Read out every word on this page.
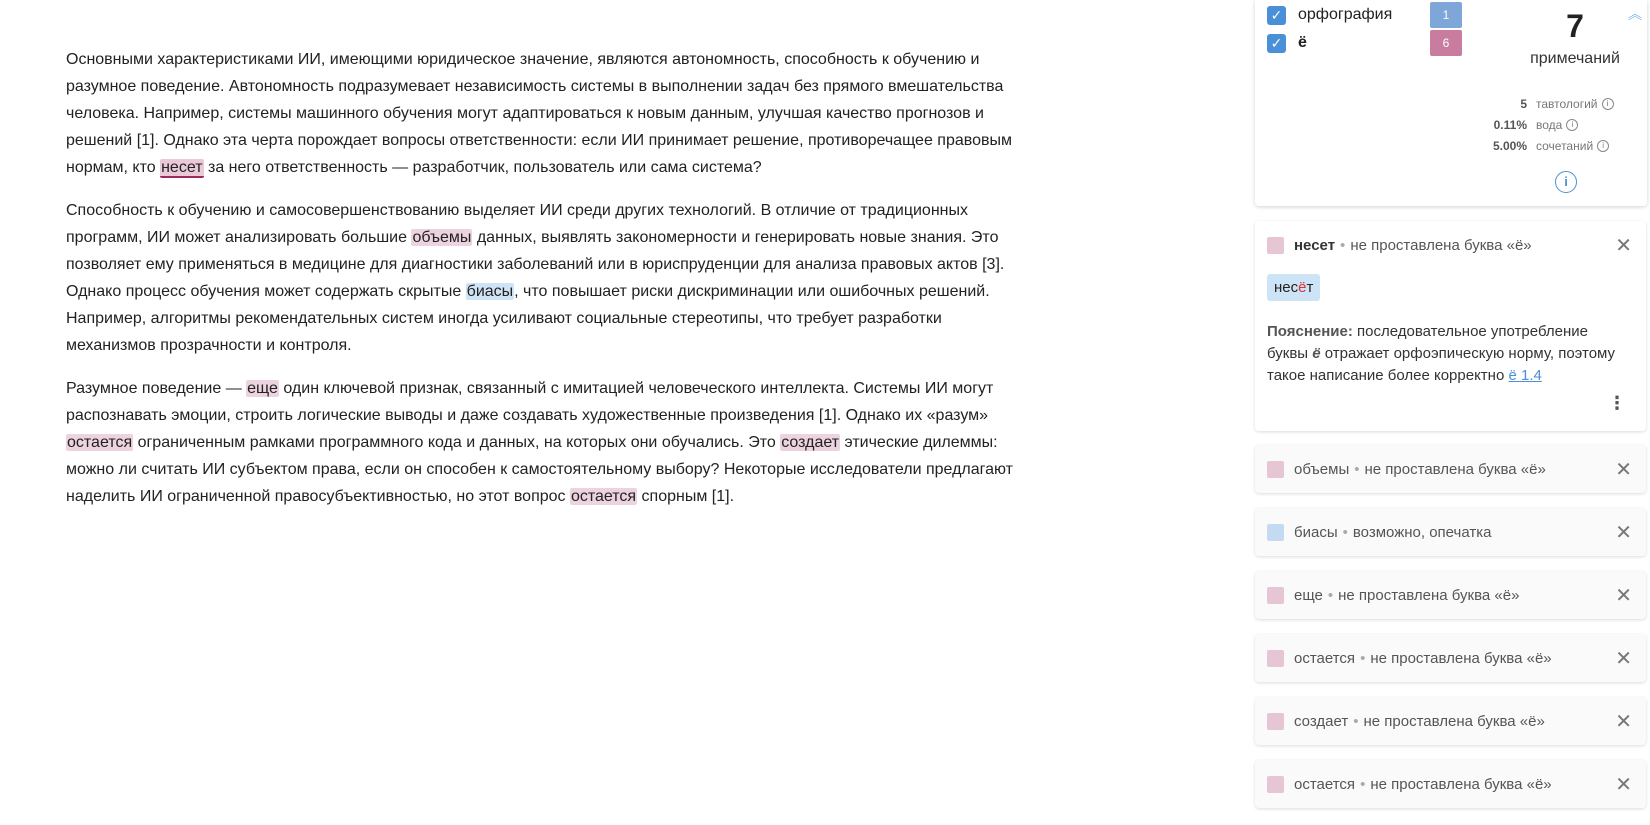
Основными характеристиками ИИ, имеющими юридическое значение, являются автономность, способность к обучению и разумное поведение. Автономность подразумевает независимость системы в выполнении задач без прямого вмешательства человека. Например, системы машинного обучения могут адаптироваться к новым данным, улучшая качество прогнозов и решений [1]. Однако эта черта порождает вопросы ответственности: если ИИ принимает решение, противоречащее правовым нормам, кто несет за него ответственность — разработчик, пользователь или сама система?

Способность к обучению и самосовершенствованию выделяет ИИ среди других технологий. В отличие от традиционных программ, ИИ может анализировать большие объемы данных, выявлять закономерности и генерировать новые знания. Это позволяет ему применяться в медицине для диагностики заболеваний или в юриспруденции для анализа правовых актов [3]. Однако процесс обучения может содержать скрытые биасы, что повышает риски дискриминации или ошибочных решений. Например, алгоритмы рекомендательных систем иногда усиливают социальные стереотипы, что требует разработки механизмов прозрачности и контроля.

Разумное поведение — еще один ключевой признак, связанный с имитацией человеческого интеллекта. Системы ИИ могут распознавать эмоции, строить логические выводы и даже создавать художественные произведения [1]. Однако их «разум» остается ограниченным рамками программного кода и данных, на которых они обучались. Это создает этические дилеммы: можно ли считать ИИ субъектом права, если он способен к самостоятельному выбору? Некоторые исследователи предлагают наделить ИИ ограниченной правосубъективностью, но этот вопрос остается спорным [1].

✓ орфография	1
✓ ё	6	7
примечаний
︽
5 тавтологий	i
0.11% вода	i
5.00% сочетаний	i
i
несет • не проставлена буква «ё»	✕
несёт
Пояснение: последовательное употребление буквы ё отражает орфоэпическую норму, поэтому такое написание более корректно ё 1.4
⋮
объемы • не проставлена буква «ё»	✕
биасы • возможно, опечатка	✕
еще • не проставлена буква «ё»	✕
остается • не проставлена буква «ё»	✕
создает • не проставлена буква «ё»	✕
остается • не проставлена буква «ё»	✕
